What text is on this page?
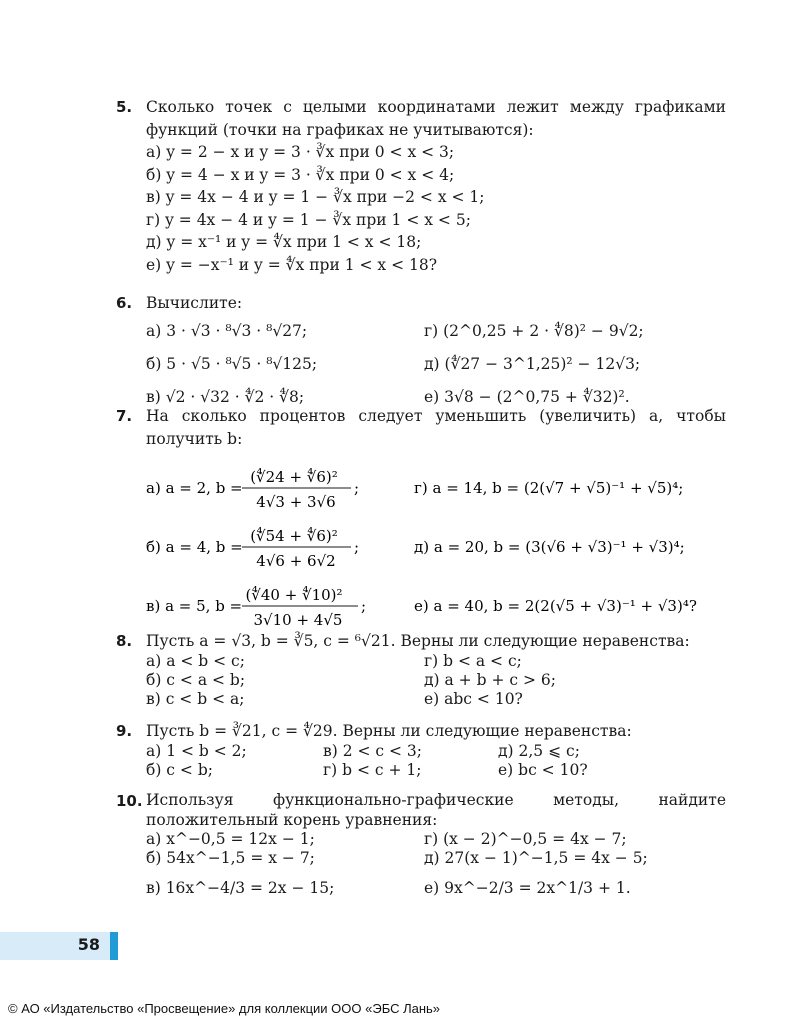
5. Сколько точек с целыми координатами лежит между графиками функций (точки на графиках не учитываются):
а) y = 2 − x и y = 3 · ∛x при 0 < x < 3;
б) y = 4 − x и y = 3 · ∛x при 0 < x < 4;
в) y = 4x − 4 и y = 1 − ∛x при −2 < x < 1;
г) y = 4x − 4 и y = 1 − ∛x при 1 < x < 5;
д) y = x⁻¹ и y = ∜x при 1 < x < 18;
е) y = −x⁻¹ и y = ∜x при 1 < x < 18?
6. Вычислите:
а) 3 · √3 · ⁸√3 · ⁸√27;	г) (2^0,25 + 2 · ∜8)² − 9√2;
б) 5 · √5 · ⁸√5 · ⁸√125;	д) (∜27 − 3^1,25)² − 12√3;
в) √2 · √32 · ∜2 · ∜8;	е) 3√8 − (2^0,75 + ∜32)².
7. На сколько процентов следует уменьшить (увеличить) a, чтобы получить b:
а) a = 2, b =
(∜24 + ∜6)²
4√3 + 3√6
;	г) a = 14, b = (2(√7 + √5)⁻¹ + √5)⁴;
б) a = 4, b =
(∜54 + ∜6)²
4√6 + 6√2
;	д) a = 20, b = (3(√6 + √3)⁻¹ + √3)⁴;
в) a = 5, b =
(∜40 + ∜10)²
3√10 + 4√5
;	е) a = 40, b = 2(2(√5 + √3)⁻¹ + √3)⁴?
8. Пусть a = √3, b = ∛5, c = ⁶√21. Верны ли следующие неравенства:
а) a < b < c;	г) b < a < c;
б) c < a < b;	д) a + b + c > 6;
в) c < b < a;	е) abc < 10?
9. Пусть b = ∛21, c = ∜29. Верны ли следующие неравенства:
а) 1 < b < 2;	в) 2 < c < 3;	д) 2,5 ⩽ c;
б) c < b;	г) b < c + 1;	е) bc < 10?
10. Используя функционально-графические методы, найдите положительный корень уравнения:
а) x^−0,5 = 12x − 1;	г) (x − 2)^−0,5 = 4x − 7;
б) 54x^−1,5 = x − 7;	д) 27(x − 1)^−1,5 = 4x − 5;
в) 16x^−4/3 = 2x − 15;	е) 9x^−2/3 = 2x^1/3 + 1.
58
© АО «Издательство «Просвещение» для коллекции ООО «ЭБС Лань»
